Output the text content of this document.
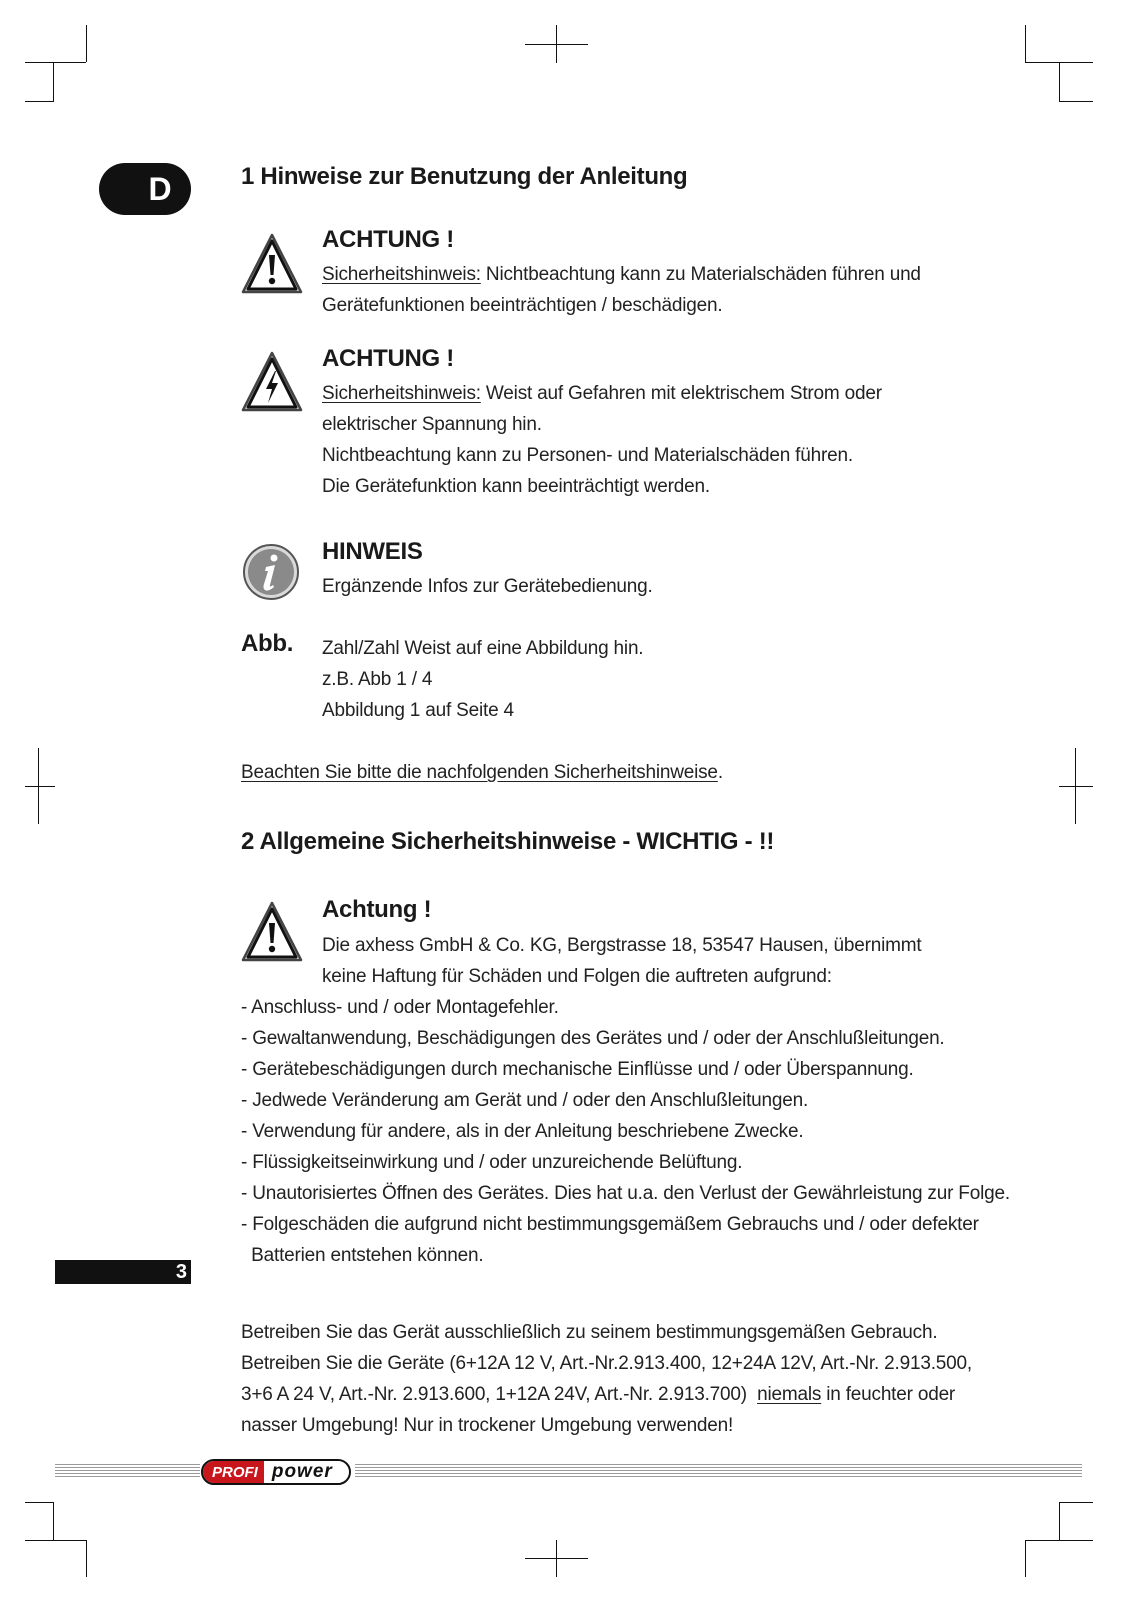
D	1 Hinweise zur Benutzung der Anleitung
ACHTUNG !
Sicherheitshinweis: Nichtbeachtung kann zu Materialschäden führen und
Gerätefunktionen beeinträchtigen / beschädigen.
ACHTUNG !
Sicherheitshinweis: Weist auf Gefahren mit elektrischem Strom oder
elektrischer Spannung hin.
Nichtbeachtung kann zu Personen- und Materialschäden führen.
Die Gerätefunktion kann beeinträchtigt werden.
HINWEIS
Ergänzende Infos zur Gerätebedienung.
Abb. Zahl/Zahl Weist auf eine Abbildung hin.
z.B. Abb 1 / 4
Abbildung 1 auf Seite 4
Beachten Sie bitte die nachfolgenden Sicherheitshinweise.
2 Allgemeine Sicherheitshinweise - WICHTIG - !!
Achtung !
Die axhess GmbH & Co. KG, Bergstrasse 18, 53547 Hausen, übernimmt
keine Haftung für Schäden und Folgen die auftreten aufgrund:
- Anschluss- und / oder Montagefehler.
- Gewaltanwendung, Beschädigungen des Gerätes und / oder der Anschlußleitungen.
- Gerätebeschädigungen durch mechanische Einflüsse und / oder Überspannung.
- Jedwede Veränderung am Gerät und / oder den Anschlußleitungen.
- Verwendung für andere, als in der Anleitung beschriebene Zwecke.
- Flüssigkeitseinwirkung und / oder unzureichende Belüftung.
- Unautorisiertes Öffnen des Gerätes. Dies hat u.a. den Verlust der Gewährleistung zur Folge.
- Folgeschäden die aufgrund nicht bestimmungsgemäßem Gebrauchs und / oder defekter
Batterien entstehen können.
3
Betreiben Sie das Gerät ausschließlich zu seinem bestimmungsgemäßen Gebrauch.
Betreiben Sie die Geräte (6+12A 12 V, Art.-Nr.2.913.400, 12+24A 12V, Art.-Nr. 2.913.500,
3+6 A 24 V, Art.-Nr. 2.913.600, 1+12A 24V, Art.-Nr. 2.913.700)  niemals in feuchter oder
nasser Umgebung! Nur in trockener Umgebung verwenden!
PROFI power
